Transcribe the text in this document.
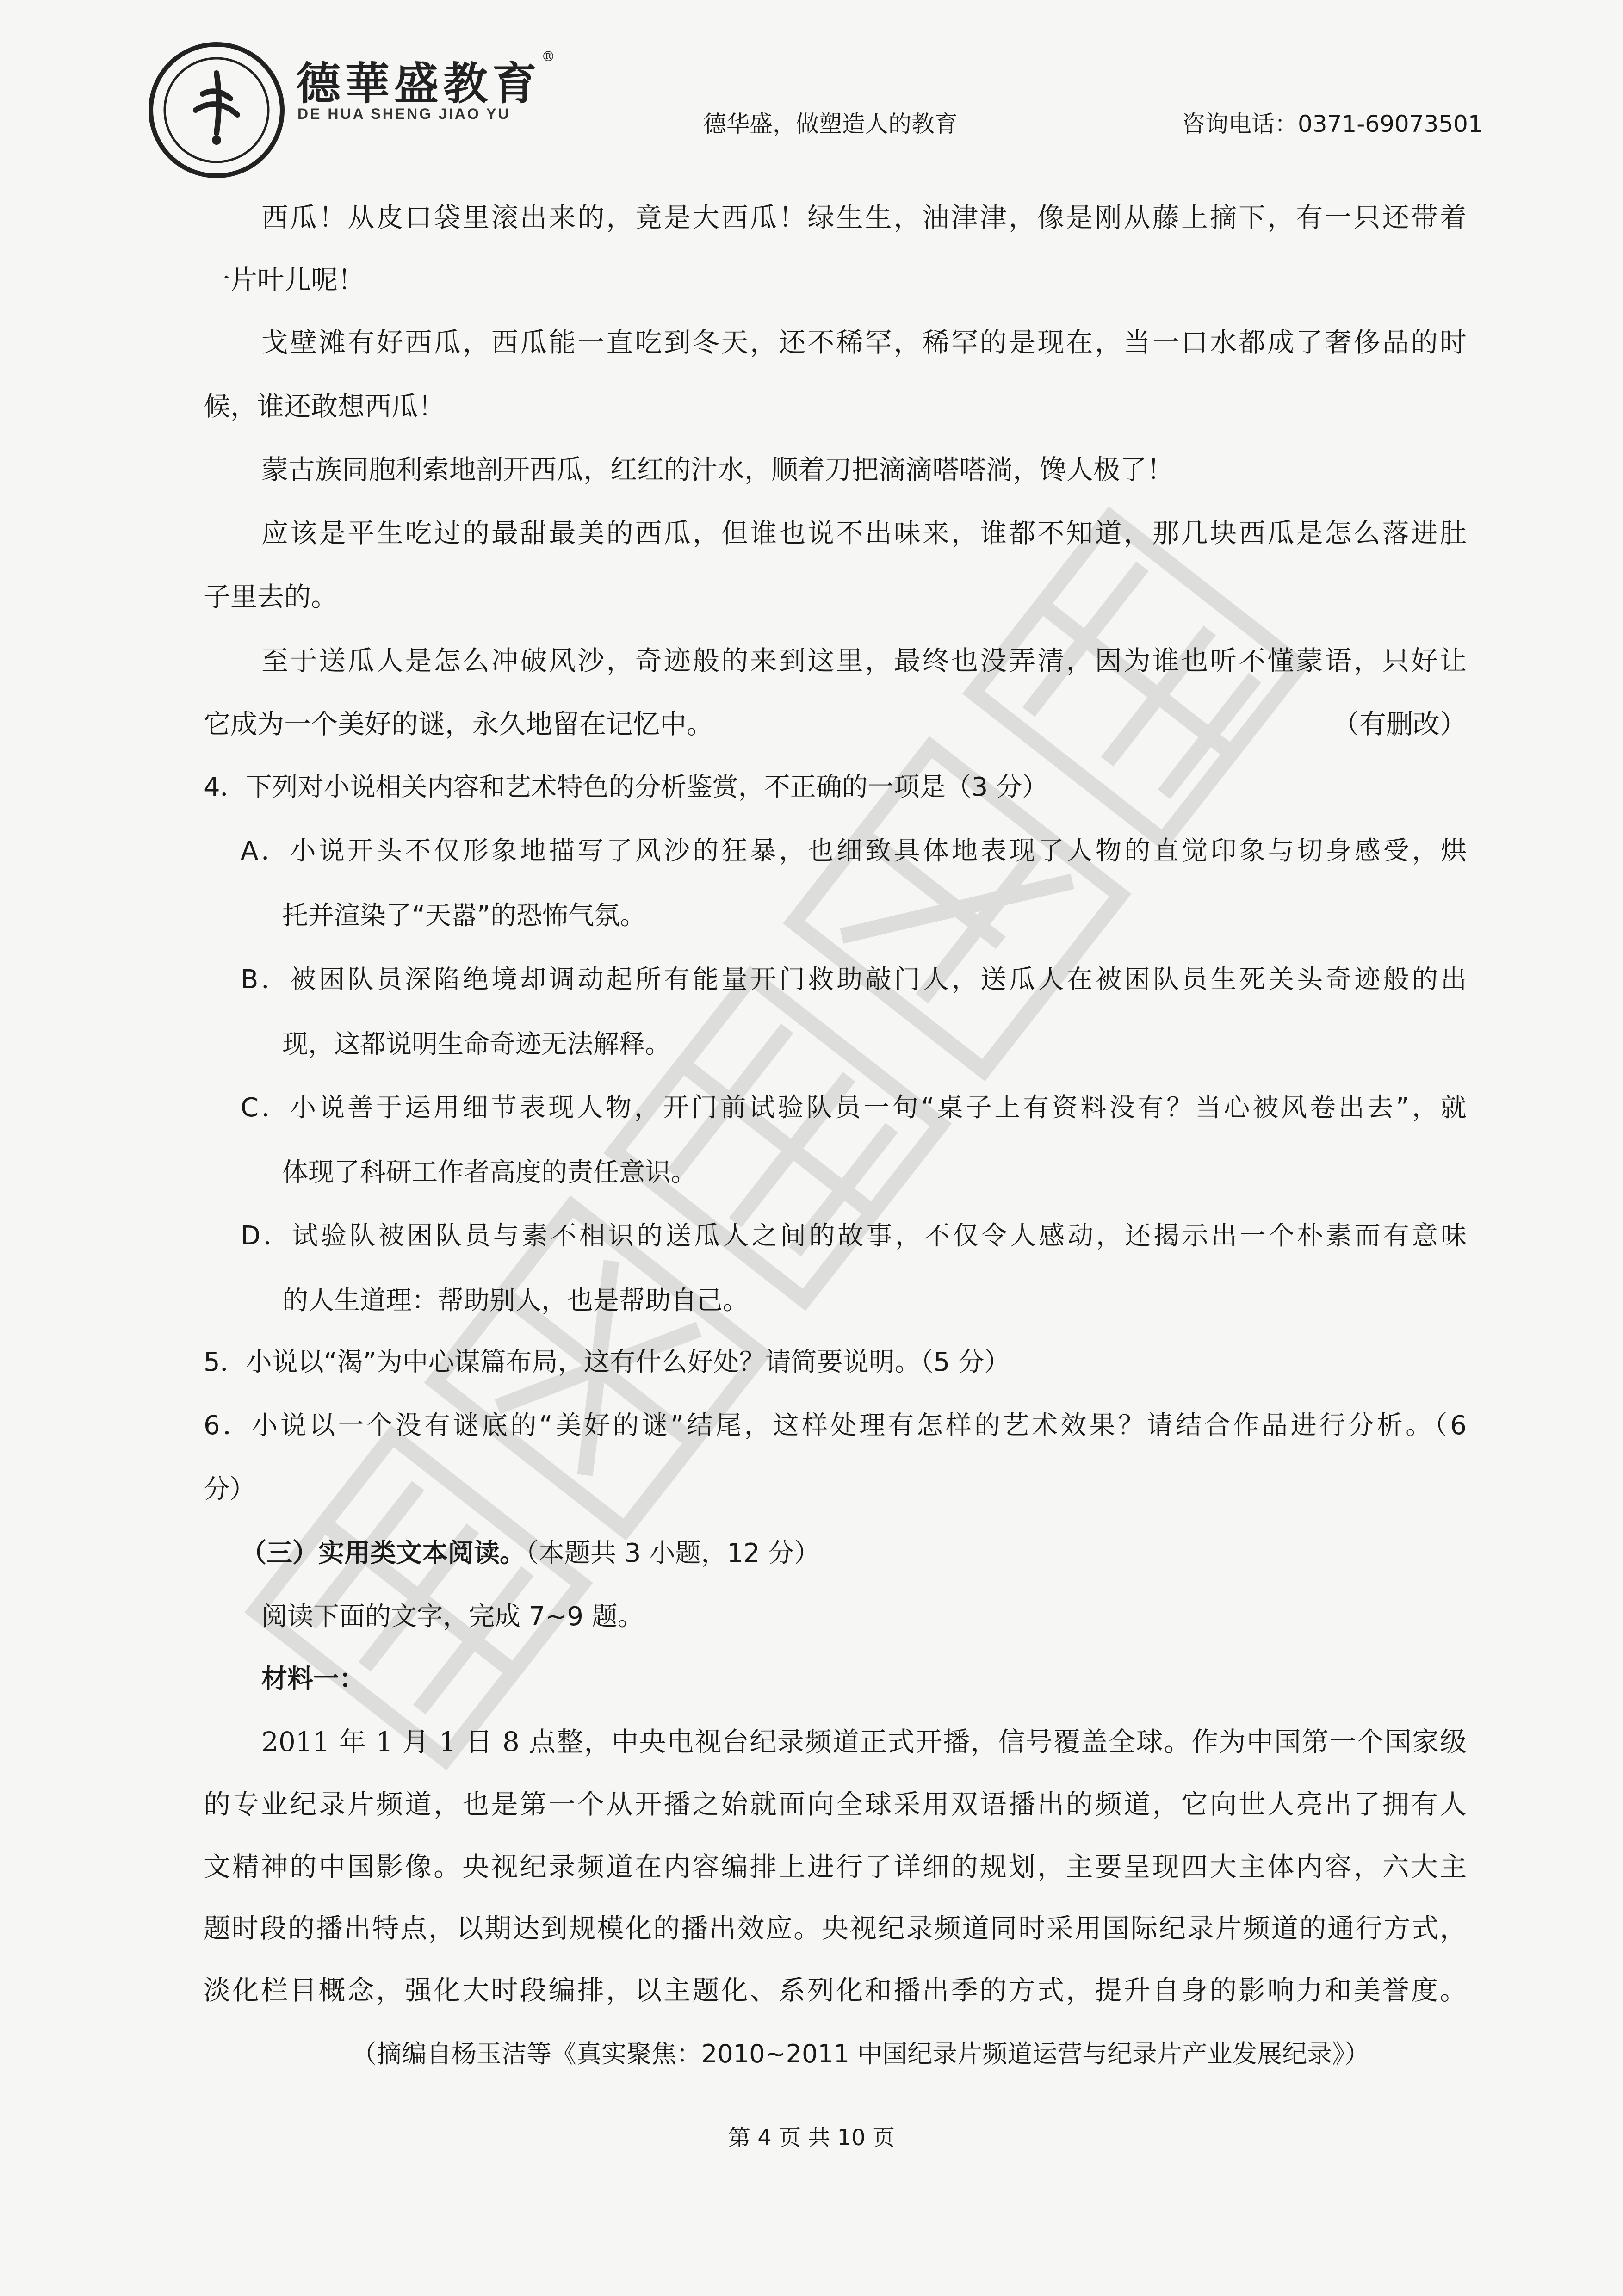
德華盛教育®
DE HUA SHENG JIAO YU	德华盛，做塑造人的教育	咨询电话：0371-69073501
西瓜！从皮口袋里滚出来的，竟是大西瓜！绿生生，油津津，像是刚从藤上摘下，有一只还带着
一片叶儿呢！
戈壁滩有好西瓜，西瓜能一直吃到冬天，还不稀罕，稀罕的是现在，当一口水都成了奢侈品的时
候，谁还敢想西瓜！
蒙古族同胞利索地剖开西瓜，红红的汁水，顺着刀把滴滴嗒嗒淌，馋人极了！
应该是平生吃过的最甜最美的西瓜，但谁也说不出味来，谁都不知道，那几块西瓜是怎么落进肚
子里去的。
至于送瓜人是怎么冲破风沙，奇迹般的来到这里，最终也没弄清，因为谁也听不懂蒙语，只好让
它成为一个美好的谜，永久地留在记忆中。	（有删改）
4．下列对小说相关内容和艺术特色的分析鉴赏，不正确的一项是（3 分）
A．小说开头不仅形象地描写了风沙的狂暴，也细致具体地表现了人物的直觉印象与切身感受，烘
托并渲染了“天嚣”的恐怖气氛。
B．被困队员深陷绝境却调动起所有能量开门救助敲门人，送瓜人在被困队员生死关头奇迹般的出
现，这都说明生命奇迹无法解释。
C．小说善于运用细节表现人物，开门前试验队员一句“桌子上有资料没有？当心被风卷出去”，就
体现了科研工作者高度的责任意识。
D．试验队被困队员与素不相识的送瓜人之间的故事，不仅令人感动，还揭示出一个朴素而有意味
的人生道理：帮助别人，也是帮助自己。
5．小说以“渴”为中心谋篇布局，这有什么好处？请简要说明。（5 分）
6．小说以一个没有谜底的“美好的谜”结尾，这样处理有怎样的艺术效果？请结合作品进行分析。（6
分）
（三）实用类文本阅读。（本题共 3 小题，12 分）
阅读下面的文字，完成 7~9 题。
材料一：
2011 年 1 月 1 日 8 点整，中央电视台纪录频道正式开播，信号覆盖全球。作为中国第一个国家级
的专业纪录片频道，也是第一个从开播之始就面向全球采用双语播出的频道，它向世人亮出了拥有人
文精神的中国影像。央视纪录频道在内容编排上进行了详细的规划，主要呈现四大主体内容，六大主
题时段的播出特点，以期达到规模化的播出效应。央视纪录频道同时采用国际纪录片频道的通行方式，
淡化栏目概念，强化大时段编排，以主题化、系列化和播出季的方式，提升自身的影响力和美誉度。
（摘编自杨玉洁等《真实聚焦：2010~2011 中国纪录片频道运营与纪录片产业发展纪录》）
第 4 页 共 10 页
